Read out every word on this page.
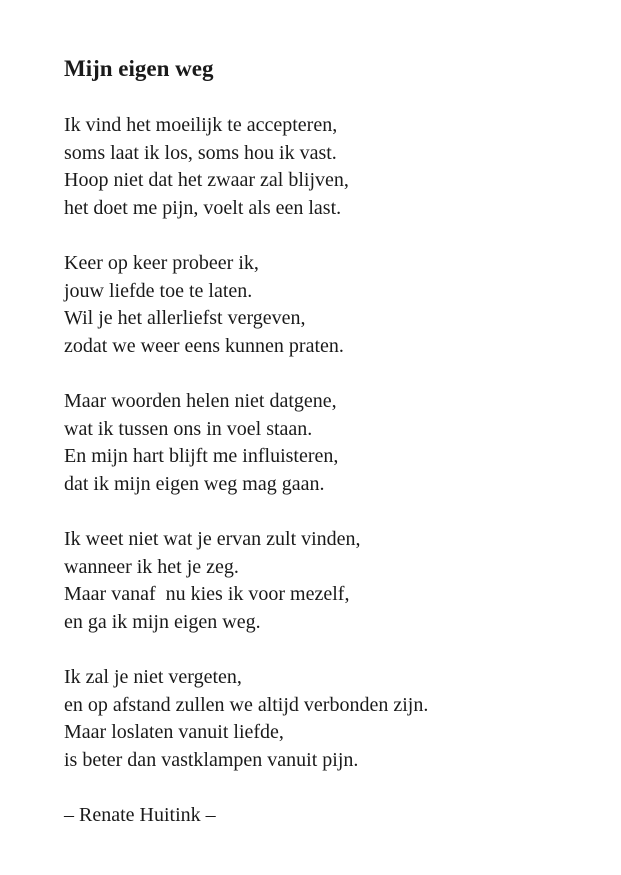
Mijn eigen weg
Ik vind het moeilijk te accepteren,
soms laat ik los, soms hou ik vast.
Hoop niet dat het zwaar zal blijven,
het doet me pijn, voelt als een last.
Keer op keer probeer ik,
jouw liefde toe te laten.
Wil je het allerliefst vergeven,
zodat we weer eens kunnen praten.
Maar woorden helen niet datgene,
wat ik tussen ons in voel staan.
En mijn hart blijft me influisteren,
dat ik mijn eigen weg mag gaan.
Ik weet niet wat je ervan zult vinden,
wanneer ik het je zeg.
Maar vanaf  nu kies ik voor mezelf,
en ga ik mijn eigen weg.
Ik zal je niet vergeten,
en op afstand zullen we altijd verbonden zijn.
Maar loslaten vanuit liefde,
is beter dan vastklampen vanuit pijn.
– Renate Huitink –
